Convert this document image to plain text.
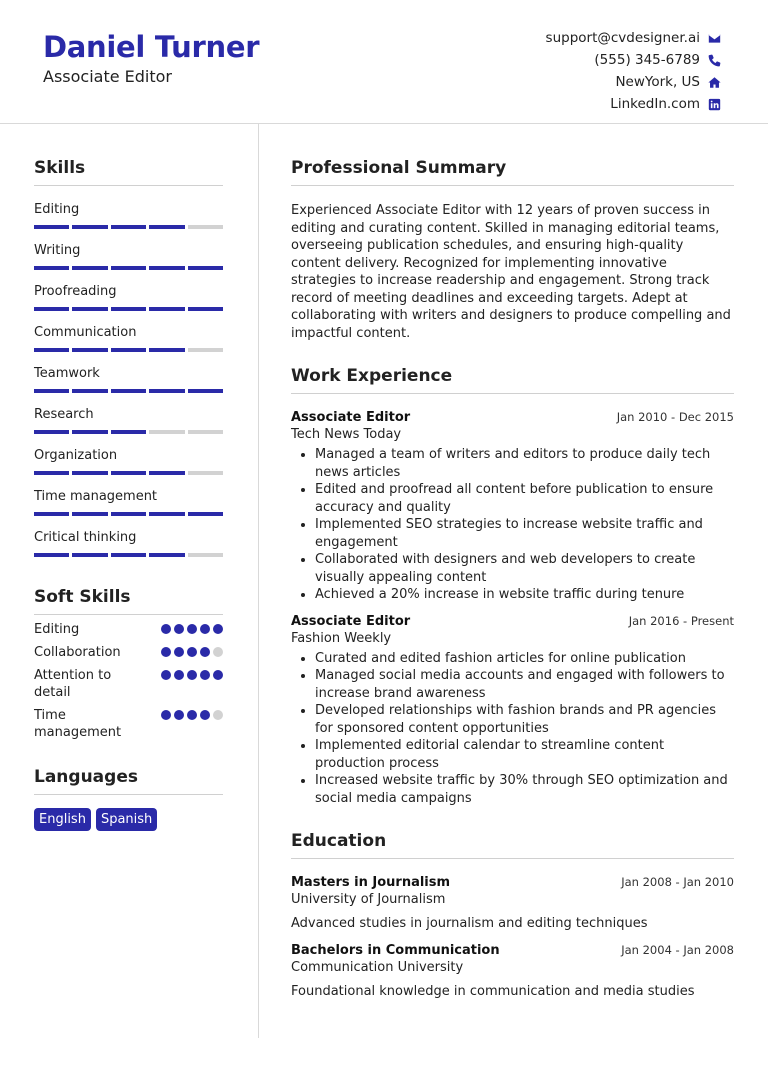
Daniel Turner
Associate Editor
support@cvdesigner.ai
(555) 345-6789
NewYork, US
LinkedIn.com
Skills
Editing
Writing
Proofreading
Communication
Teamwork
Research
Organization
Time management
Critical thinking
Soft Skills
Editing
Collaboration
Attention to detail
Time management
Languages
English	Spanish
Professional Summary

Experienced Associate Editor with 12 years of proven success in editing and curating content. Skilled in managing editorial teams, overseeing publication schedules, and ensuring high-quality content delivery. Recognized for implementing innovative strategies to increase readership and engagement. Strong track record of meeting deadlines and exceeding targets. Adept at collaborating with writers and designers to produce compelling and impactful content.

Work Experience
Associate Editor	Jan 2010 - Dec 2015
Tech News Today
• Managed a team of writers and editors to produce daily tech news articles
• Edited and proofread all content before publication to ensure accuracy and quality
• Implemented SEO strategies to increase website traffic and engagement
• Collaborated with designers and web developers to create visually appealing content
• Achieved a 20% increase in website traffic during tenure
Associate Editor	Jan 2016 - Present
Fashion Weekly
• Curated and edited fashion articles for online publication
• Managed social media accounts and engaged with followers to increase brand awareness
• Developed relationships with fashion brands and PR agencies for sponsored content opportunities
• Implemented editorial calendar to streamline content production process
• Increased website traffic by 30% through SEO optimization and social media campaigns
Education
Masters in Journalism	Jan 2008 - Jan 2010
University of Journalism

Advanced studies in journalism and editing techniques

Bachelors in Communication	Jan 2004 - Jan 2008
Communication University

Foundational knowledge in communication and media studies
